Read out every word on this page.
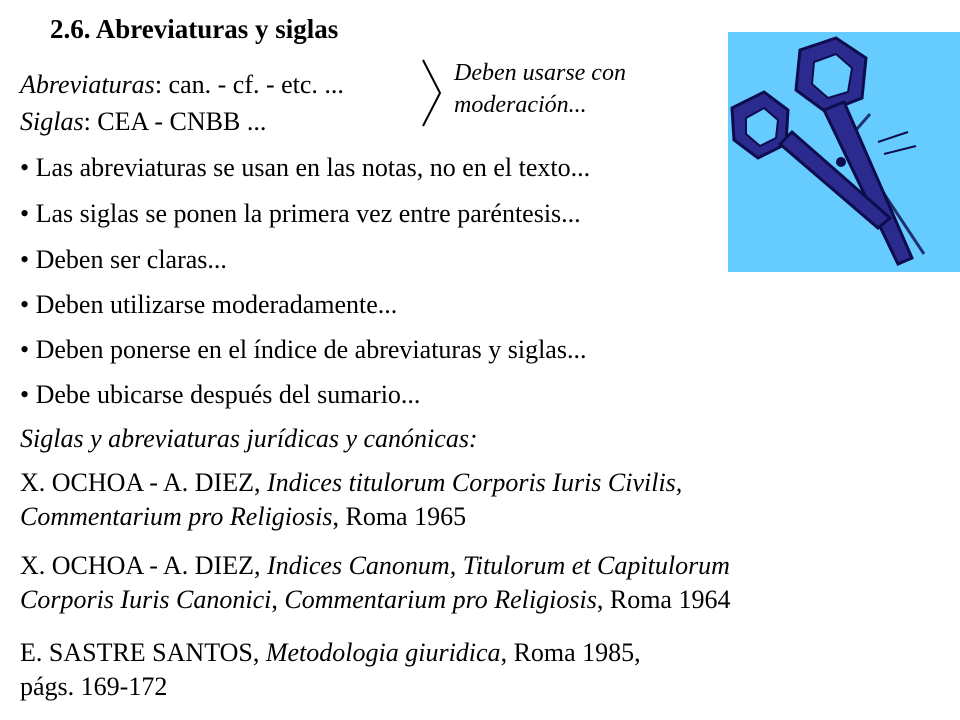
2.6. Abreviaturas y siglas
Abreviaturas: can. - cf. - etc. ...
Siglas: CEA - CNBB ...
Deben usarse con
moderación...
• Las abreviaturas se usan en las notas, no en el texto...
• Las siglas se ponen la primera vez entre paréntesis...
• Deben ser claras...
• Deben utilizarse moderadamente...
• Deben ponerse en el índice de abreviaturas y siglas...
• Debe ubicarse después del sumario...
Siglas y abreviaturas jurídicas y canónicas:
X. OCHOA - A. DIEZ, Indices titulorum Corporis Iuris Civilis,
Commentarium pro Religiosis, Roma 1965
X. OCHOA - A. DIEZ, Indices Canonum, Titulorum et Capitulorum
Corporis Iuris Canonici, Commentarium pro Religiosis, Roma 1964
E. SASTRE SANTOS, Metodologia giuridica, Roma 1985,
págs. 169-172
